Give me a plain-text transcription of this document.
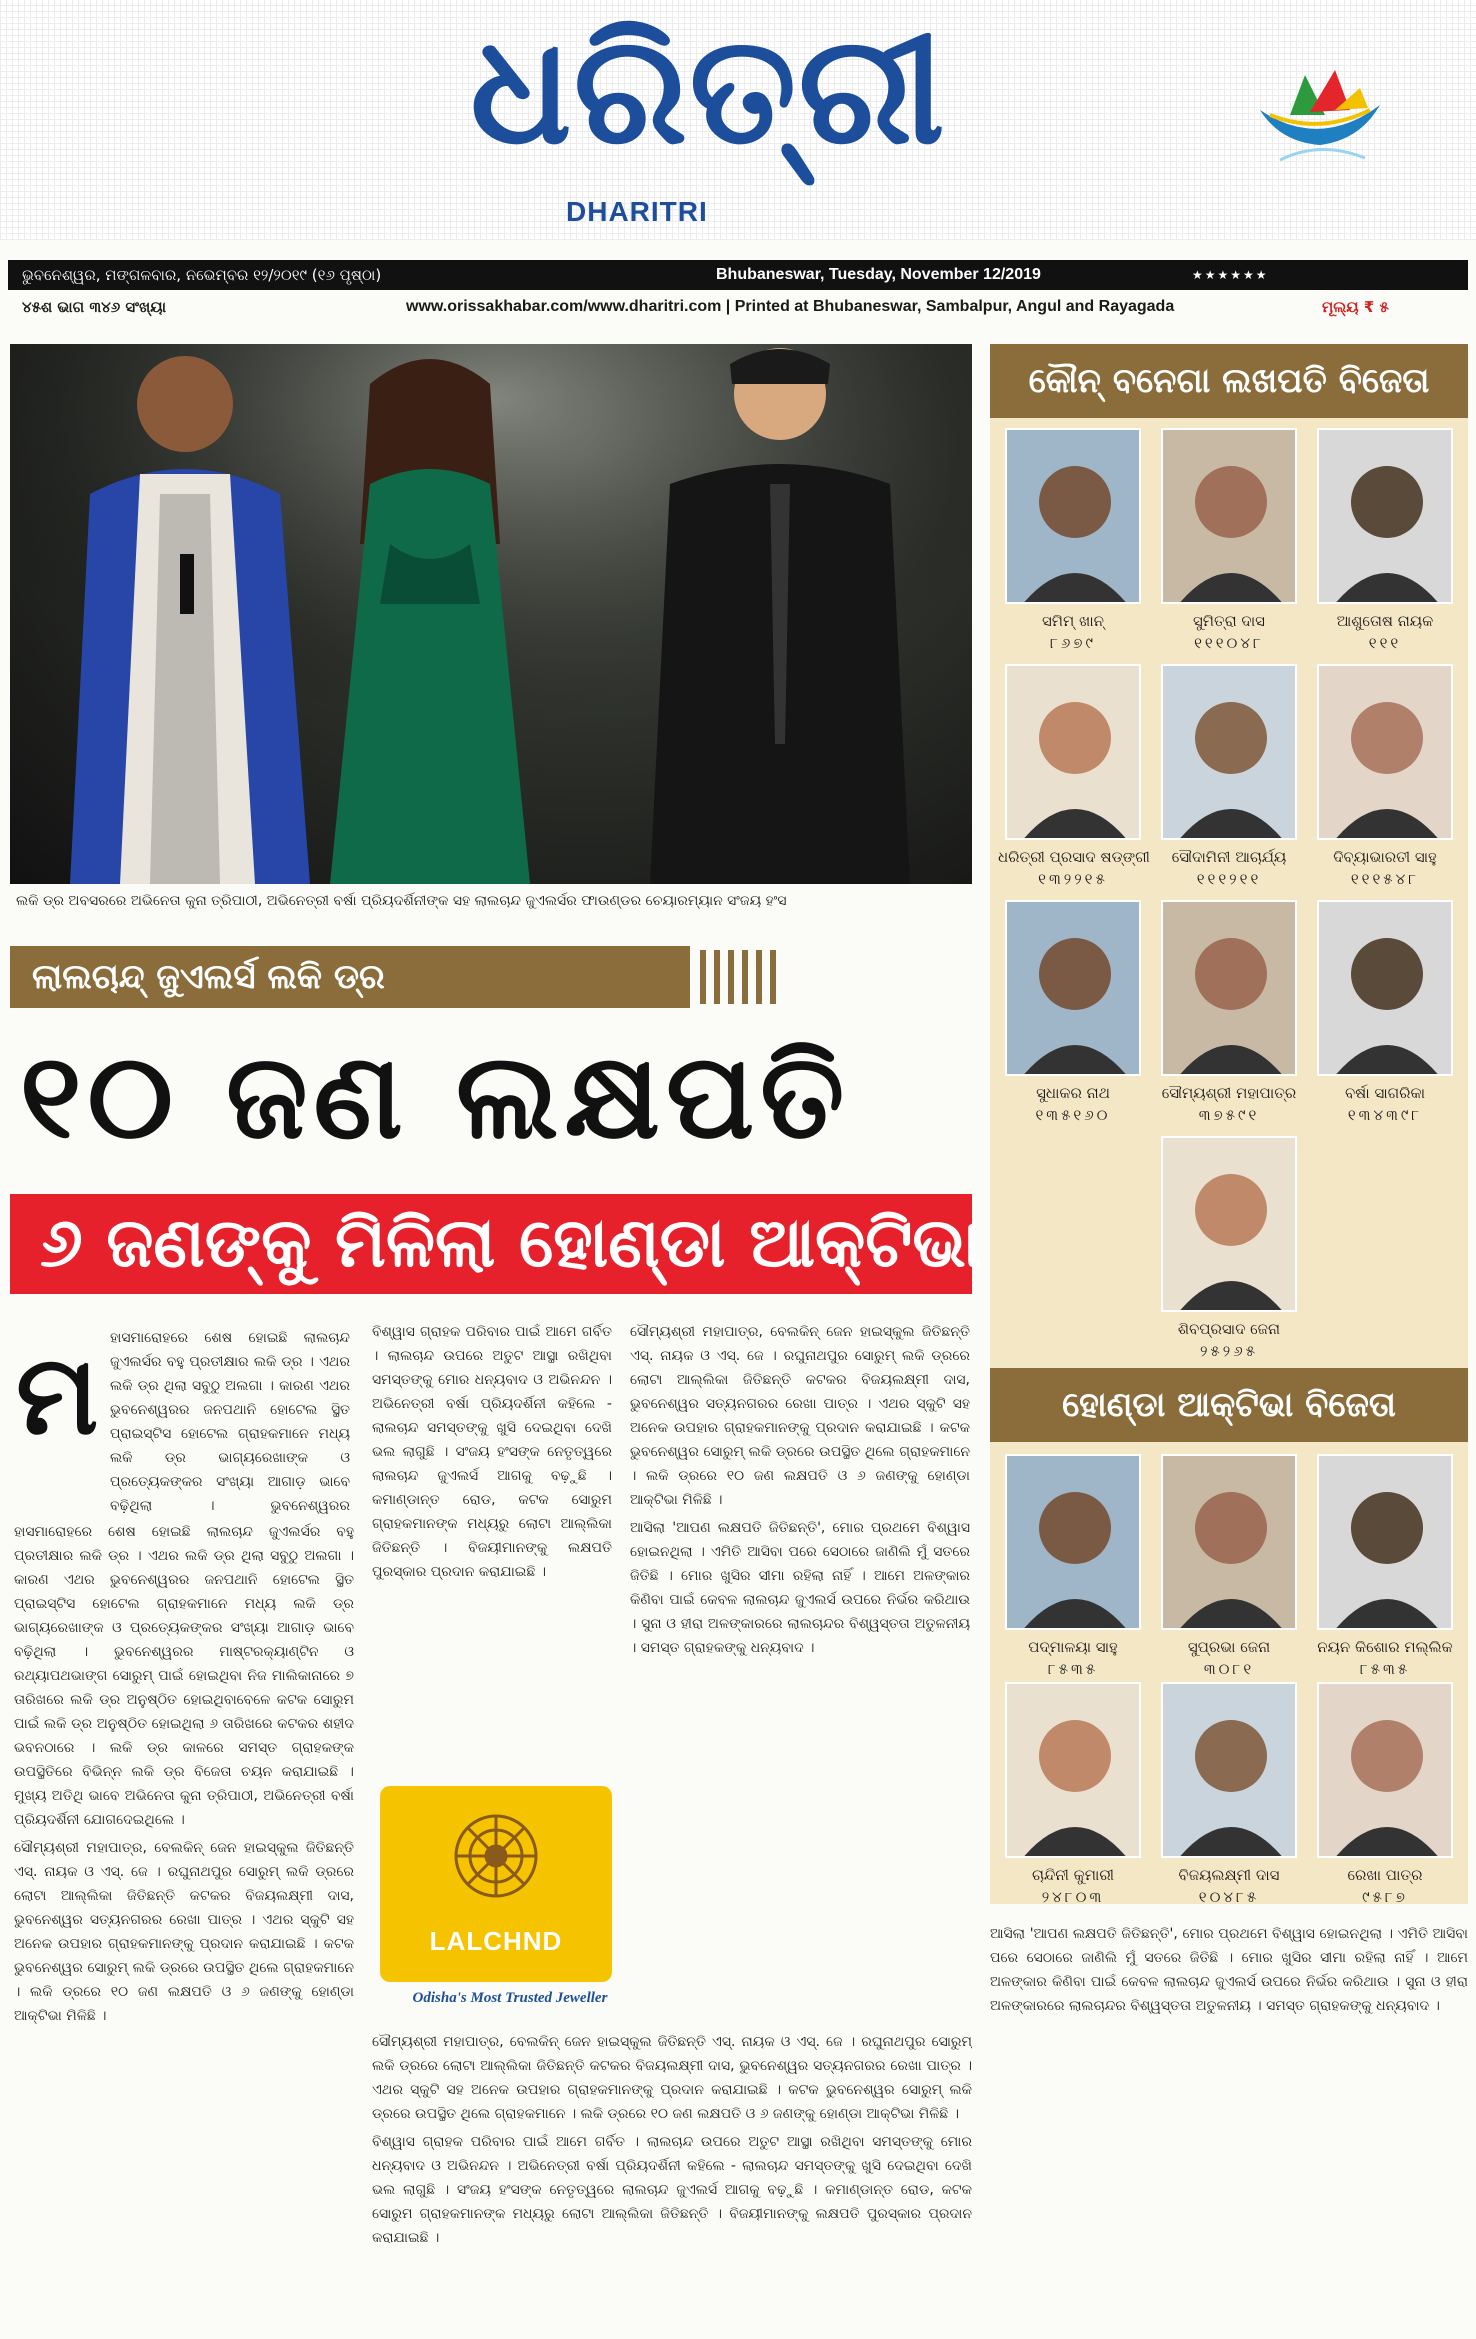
ଧରିତ୍ରୀ
DHARITRI
ଭୁବନେଶ୍ୱର, ମଙ୍ଗଳବାର, ନଭେମ୍ବର ୧୨/୨୦୧୯ (୧୬ ପୃଷ୍ଠା)	Bhubaneswar, Tuesday, November 12/2019	★★★★★★
୪୫ଶ ଭାଗ ୩୪୬ ସଂଖ୍ୟା	www.orissakhabar.com/www.dharitri.com | Printed at Bhubaneswar, Sambalpur, Angul and Rayagada	ମୂଲ୍ୟ ₹ ୫
ଲକି ଡ୍ର ଅବସରରେ ଅଭିନେତା କୁନା ତ୍ରିପାଠୀ, ଅଭିନେତ୍ରୀ ବର୍ଷା ପ୍ରିୟଦର୍ଶିନୀଙ୍କ ସହ ଲାଲଚାନ୍ଦ ଜୁଏଲର୍ସର ଫାଉଣ୍ଡର ଚେୟାରମ୍ୟାନ ସଂଜୟ ହଂସ
ଲାଲଚାନ୍ଦ୍ ଜୁଏଲର୍ସ ଲକି ଡ୍ର
୧୦ ଜଣ ଲକ୍ଷପତି
୬ ଜଣଙ୍କୁ ମିଳିଲା ହୋଣ୍ଡା ଆକ୍ଟିଭା
କୌନ୍ ବନେଗା ଲଖପତି ବିଜେତା
ସମିମ୍ ଖାନ୍
୮୬୭୯
ସୁମିତ୍ରା ଦାସ
୧୧୧୦୪୮
ଆଶୁତୋଷ ନାୟକ
୧୧୧
ଧରିତ୍ରୀ ପ୍ରସାଦ ଷଡ୍ଙ୍ଗୀ
୧୩୨୨୧୫
ସୌଦାମିନୀ ଆଚାର୍ଯ୍ୟ
୧୧୧୨୧୧
ଦିବ୍ୟାଭାରତୀ ସାହୁ
୧୧୧୫୪୮
ସୁଧାକର ନାଥ
୧୩୫୧୬୦
ସୌମ୍ୟଶ୍ରୀ ମହାପାତ୍ର
୩୭୫୯୧
ବର୍ଷା ସାଗରିକା
୧୩୪୩୯୮
ଶିବପ୍ରସାଦ ଜେନା
୨୫୨୬୫
ହୋଣ୍ଡା ଆକ୍ଟିଭା ବିଜେତା
ପଦ୍ମାଳୟା ସାହୁ
୮୫୩୫
ସୁପ୍ରଭା ଜେନା
୩୦୮୧
ନୟନ କିଶୋର ମଲ୍ଲିକ
୮୫୩୫
ଚାନ୍ଦିନୀ କୁମାରୀ
୨୪୮୦୩
ବିଜୟଲକ୍ଷ୍ମୀ ଦାସ
୧୦୪୮୫
ରେଖା ପାତ୍ର
୯୫୮୭
ମ ହାସମାରୋହରେ ଶେଷ ହୋଇଛି ଲାଲଚାନ୍ଦ ଜୁଏଲର୍ସର ବହୁ ପ୍ରତୀକ୍ଷାର ଲକି ଡ୍ର । ଏଥର ଲକି ଡ୍ର ଥିଲା ସବୁଠୁ ଅଲଗା । କାରଣ ଏଥର ଭୁବନେଶ୍ୱରର ଜନପଥାନି ହୋଟେଲ ସ୍ଥିତ ପ୍ରାଇସ୍ଟିସ ହୋଟେଲ ଗ୍ରାହକମାନେ ମଧ୍ୟ ଲକି ଡ୍ର ଭାଗ୍ୟରେଖାଙ୍କ ଓ ପ୍ରତ୍ୟେକଙ୍କର ସଂଖ୍ୟା ଆଗାଡ଼ ଭାବେ ବଢ଼ିଥିଲା । ଭୁବନେଶ୍ୱରର

ହାସମାରୋହରେ ଶେଷ ହୋଇଛି ଲାଲଚାନ୍ଦ ଜୁଏଲର୍ସର ବହୁ ପ୍ରତୀକ୍ଷାର ଲକି ଡ୍ର । ଏଥର ଲକି ଡ୍ର ଥିଲା ସବୁଠୁ ଅଲଗା । କାରଣ ଏଥର ଭୁବନେଶ୍ୱରର ଜନପଥାନି ହୋଟେଲ ସ୍ଥିତ ପ୍ରାଇସ୍ଟିସ ହୋଟେଲ ଗ୍ରାହକମାନେ ମଧ୍ୟ ଲକି ଡ୍ର ଭାଗ୍ୟରେଖାଙ୍କ ଓ ପ୍ରତ୍ୟେକଙ୍କର ସଂଖ୍ୟା ଆଗାଡ଼ ଭାବେ ବଢ଼ିଥିଲା । ଭୁବନେଶ୍ୱରର ମାଷ୍ଟରକ୍ୟାଣ୍ଟିନ ଓ ରଥ୍ୟାପଥଭାଙ୍ଗ ସୋରୁମ୍ ପାଇଁ ହୋଇଥିବା ନିଜ ମାଲିକାନାରେ ୭ ତାରିଖରେ ଲକି ଡ୍ର ଅନୁଷ୍ଠିତ ହୋଇଥିବାବେଳେ କଟକ ସୋରୁମ ପାଇଁ ଲକି ଡ୍ର ଅନୁଷ୍ଠିତ ହୋଇଥିଲା ୬ ତାରିଖରେ କଟକର ଶହୀଦ ଭବନଠାରେ । ଲକି ଡ୍ର କାଳରେ ସମସ୍ତ ଗ୍ରାହକଙ୍କ ଉପସ୍ଥିତିରେ ବିଭିନ୍ନ ଲକି ଡ୍ର ବିଜେତା ଚୟନ କରାଯାଇଛି । ମୁଖ୍ୟ ଅତିଥି ଭାବେ ଅଭିନେତା କୁନା ତ୍ରିପାଠୀ, ଅଭିନେତ୍ରୀ ବର୍ଷା ପ୍ରିୟଦର୍ଶିନୀ ଯୋଗଦେଇଥିଲେ ।

ସୌମ୍ୟଶ୍ରୀ ମହାପାତ୍ର, ବେଲକିନ୍ ଜେନ ହାଇସ୍କୁଲ ଜିତିଛନ୍ତି ଏସ୍. ନାୟକ ଓ ଏସ୍. ଜେ । ରଘୁନାଥପୁର ସୋରୁମ୍ ଲକି ଡ୍ରରେ ଲୋଟା ଆଲ୍ଲିକା ଜିତିଛନ୍ତି କଟକର ବିଜୟଲକ୍ଷ୍ମୀ ଦାସ, ଭୁବନେଶ୍ୱର ସତ୍ୟନଗରର ରେଖା ପାତ୍ର । ଏଥର ସ୍କୁଟି ସହ ଅନେକ ଉପହାର ଗ୍ରାହକମାନଙ୍କୁ ପ୍ରଦାନ କରାଯାଇଛି । କଟକ ଭୁବନେଶ୍ୱର ସୋରୁମ୍ ଲକି ଡ୍ରରେ ଉପସ୍ଥିତ ଥିଲେ ଗ୍ରାହକମାନେ । ଲକି ଡ୍ରରେ ୧୦ ଜଣ ଲକ୍ଷପତି ଓ ୬ ଜଣଙ୍କୁ ହୋଣ୍ଡା ଆକ୍ଟିଭା ମିଳିଛି ।

ବିଶ୍ୱାସ ଗ୍ରାହକ ପରିବାର ପାଇଁ ଆମେ ଗର୍ବିତ । ଲାଲଚାନ୍ଦ ଉପରେ ଅତୁଟ ଆସ୍ଥା ରଖିଥିବା ସମସ୍ତଙ୍କୁ ମୋର ଧନ୍ୟବାଦ ଓ ଅଭିନନ୍ଦନ । ଅଭିନେତ୍ରୀ ବର୍ଷା ପ୍ରିୟଦର୍ଶିନୀ କହିଲେ - ଲାଲଚାନ୍ଦ ସମସ୍ତଙ୍କୁ ଖୁସି ଦେଇଥିବା ଦେଖି ଭଲ ଲାଗୁଛି । ସଂଜୟ ହଂସଙ୍କ ନେତୃତ୍ୱରେ ଲାଲଚାନ୍ଦ ଜୁଏଲର୍ସ ଆଗକୁ ବଢ଼ୁଛି । କମାଣ୍ଡାନ୍ତ ରୋଡ, କଟକ ସୋରୁମ ଗ୍ରାହକମାନଙ୍କ ମଧ୍ୟରୁ ଲୋଟା ଆଲ୍ଲିକା ଜିତିଛନ୍ତି । ବିଜୟୀମାନଙ୍କୁ ଲକ୍ଷପତି ପୁରସ୍କାର ପ୍ରଦାନ କରାଯାଇଛି ।

ସୌମ୍ୟଶ୍ରୀ ମହାପାତ୍ର, ବେଲକିନ୍ ଜେନ ହାଇସ୍କୁଲ ଜିତିଛନ୍ତି ଏସ୍. ନାୟକ ଓ ଏସ୍. ଜେ । ରଘୁନାଥପୁର ସୋରୁମ୍ ଲକି ଡ୍ରରେ ଲୋଟା ଆଲ୍ଲିକା ଜିତିଛନ୍ତି କଟକର ବିଜୟଲକ୍ଷ୍ମୀ ଦାସ, ଭୁବନେଶ୍ୱର ସତ୍ୟନଗରର ରେଖା ପାତ୍ର । ଏଥର ସ୍କୁଟି ସହ ଅନେକ ଉପହାର ଗ୍ରାହକମାନଙ୍କୁ ପ୍ରଦାନ କରାଯାଇଛି । କଟକ ଭୁବନେଶ୍ୱର ସୋରୁମ୍ ଲକି ଡ୍ରରେ ଉପସ୍ଥିତ ଥିଲେ ଗ୍ରାହକମାନେ । ଲକି ଡ୍ରରେ ୧୦ ଜଣ ଲକ୍ଷପତି ଓ ୬ ଜଣଙ୍କୁ ହୋଣ୍ଡା ଆକ୍ଟିଭା ମିଳିଛି ।

ବିଶ୍ୱାସ ଗ୍ରାହକ ପରିବାର ପାଇଁ ଆମେ ଗର୍ବିତ । ଲାଲଚାନ୍ଦ ଉପରେ ଅତୁଟ ଆସ୍ଥା ରଖିଥିବା ସମସ୍ତଙ୍କୁ ମୋର ଧନ୍ୟବାଦ ଓ ଅଭିନନ୍ଦନ । ଅଭିନେତ୍ରୀ ବର୍ଷା ପ୍ରିୟଦର୍ଶିନୀ କହିଲେ - ଲାଲଚାନ୍ଦ ସମସ୍ତଙ୍କୁ ଖୁସି ଦେଇଥିବା ଦେଖି ଭଲ ଲାଗୁଛି । ସଂଜୟ ହଂସଙ୍କ ନେତୃତ୍ୱରେ ଲାଲଚାନ୍ଦ ଜୁଏଲର୍ସ ଆଗକୁ ବଢ଼ୁଛି । କମାଣ୍ଡାନ୍ତ ରୋଡ, କଟକ ସୋରୁମ ଗ୍ରାହକମାନଙ୍କ ମଧ୍ୟରୁ ଲୋଟା ଆଲ୍ଲିକା ଜିତିଛନ୍ତି । ବିଜୟୀମାନଙ୍କୁ ଲକ୍ଷପତି ପୁରସ୍କାର ପ୍ରଦାନ କରାଯାଇଛି ।

ସୌମ୍ୟଶ୍ରୀ ମହାପାତ୍ର, ବେଲକିନ୍ ଜେନ ହାଇସ୍କୁଲ ଜିତିଛନ୍ତି ଏସ୍. ନାୟକ ଓ ଏସ୍. ଜେ । ରଘୁନାଥପୁର ସୋରୁମ୍ ଲକି ଡ୍ରରେ ଲୋଟା ଆଲ୍ଲିକା ଜିତିଛନ୍ତି କଟକର ବିଜୟଲକ୍ଷ୍ମୀ ଦାସ, ଭୁବନେଶ୍ୱର ସତ୍ୟନଗରର ରେଖା ପାତ୍ର । ଏଥର ସ୍କୁଟି ସହ ଅନେକ ଉପହାର ଗ୍ରାହକମାନଙ୍କୁ ପ୍ରଦାନ କରାଯାଇଛି । କଟକ ଭୁବନେଶ୍ୱର ସୋରୁମ୍ ଲକି ଡ୍ରରେ ଉପସ୍ଥିତ ଥିଲେ ଗ୍ରାହକମାନେ । ଲକି ଡ୍ରରେ ୧୦ ଜଣ ଲକ୍ଷପତି ଓ ୬ ଜଣଙ୍କୁ ହୋଣ୍ଡା ଆକ୍ଟିଭା ମିଳିଛି ।

ଆସିଲା 'ଆପଣ ଲକ୍ଷପତି ଜିତିଛନ୍ତି', ମୋର ପ୍ରଥମେ ବିଶ୍ୱାସ ହୋଇନଥିଲା । ଏମିତି ଆସିବା ପରେ ସେଠାରେ ଜାଣିଲି ମୁଁ ସତରେ ଜିତିଛି । ମୋର ଖୁସିର ସୀମା ରହିଲା ନାହିଁ । ଆମେ ଅଳଙ୍କାର କିଣିବା ପାଇଁ କେବଳ ଲାଲଚାନ୍ଦ ଜୁଏଲର୍ସ ଉପରେ ନିର୍ଭର କରିଥାଉ । ସୁନା ଓ ହୀରା ଅଳଙ୍କାରରେ ଲାଲଚାନ୍ଦର ବିଶ୍ୱସ୍ତତା ଅତୁଳନୀୟ । ସମସ୍ତ ଗ୍ରାହକଙ୍କୁ ଧନ୍ୟବାଦ ।

ଆସିଲା 'ଆପଣ ଲକ୍ଷପତି ଜିତିଛନ୍ତି', ମୋର ପ୍ରଥମେ ବିଶ୍ୱାସ ହୋଇନଥିଲା । ଏମିତି ଆସିବା ପରେ ସେଠାରେ ଜାଣିଲି ମୁଁ ସତରେ ଜିତିଛି । ମୋର ଖୁସିର ସୀମା ରହିଲା ନାହିଁ । ଆମେ ଅଳଙ୍କାର କିଣିବା ପାଇଁ କେବଳ ଲାଲଚାନ୍ଦ ଜୁଏଲର୍ସ ଉପରେ ନିର୍ଭର କରିଥାଉ । ସୁନା ଓ ହୀରା ଅଳଙ୍କାରରେ ଲାଲଚାନ୍ଦର ବିଶ୍ୱସ୍ତତା ଅତୁଳନୀୟ । ସମସ୍ତ ଗ୍ରାହକଙ୍କୁ ଧନ୍ୟବାଦ ।

LALCHND
Odisha's Most Trusted Jeweller
